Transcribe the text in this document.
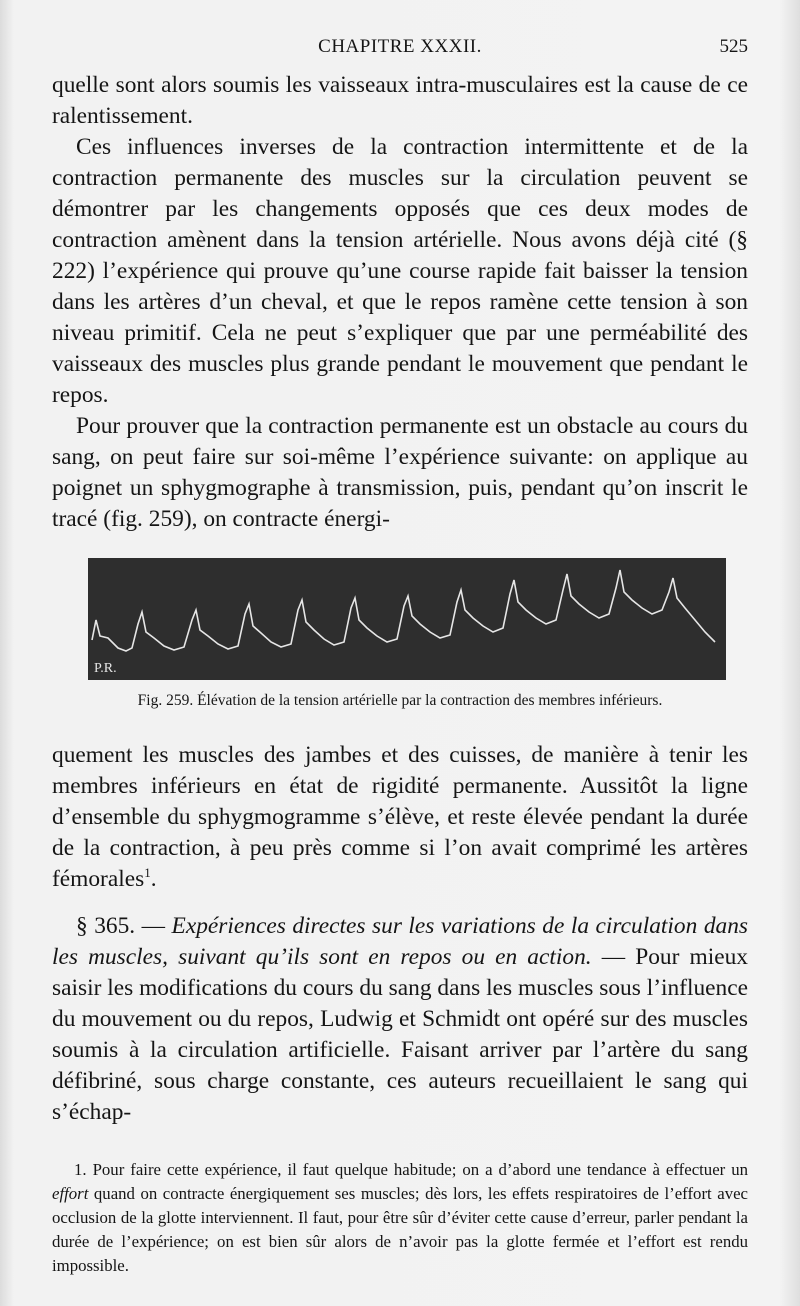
CHAPITRE XXXII.	525

quelle sont alors soumis les vaisseaux intra-musculaires est la cause de ce ralentissement.

Ces influences inverses de la contraction intermittente et de la contraction permanente des muscles sur la circulation peuvent se démontrer par les changements opposés que ces deux modes de contraction amènent dans la tension artérielle. Nous avons déjà cité (§ 222) l’expérience qui prouve qu’une course rapide fait baisser la tension dans les artères d’un cheval, et que le repos ramène cette tension à son niveau primitif. Cela ne peut s’expliquer que par une perméabilité des vaisseaux des muscles plus grande pendant le mouvement que pendant le repos.

Pour prouver que la contraction permanente est un obstacle au cours du sang, on peut faire sur soi-même l’expérience suivante: on applique au poignet un sphygmographe à transmission, puis, pendant qu’on inscrit le tracé (fig. 259), on contracte énergi-

P.R.
Fig. 259. Élévation de la tension artérielle par la contraction des membres inférieurs.

quement les muscles des jambes et des cuisses, de manière à tenir les membres inférieurs en état de rigidité permanente. Aussitôt la ligne d’ensemble du sphygmogramme s’élève, et reste élevée pendant la durée de la contraction, à peu près comme si l’on avait comprimé les artères fémorales$^1$.

§ 365. — Expériences directes sur les variations de la circulation dans les muscles, suivant qu’ils sont en repos ou en action. — Pour mieux saisir les modifications du cours du sang dans les muscles sous l’influence du mouvement ou du repos, Ludwig et Schmidt ont opéré sur des muscles soumis à la circulation artificielle. Faisant arriver par l’artère du sang défibriné, sous charge constante, ces auteurs recueillaient le sang qui s’échap-

1. Pour faire cette expérience, il faut quelque habitude; on a d’abord une tendance à effectuer un effort quand on contracte énergiquement ses muscles; dès lors, les effets respiratoires de l’effort avec occlusion de la glotte interviennent. Il faut, pour être sûr d’éviter cette cause d’erreur, parler pendant la durée de l’expérience; on est bien sûr alors de n’avoir pas la glotte fermée et l’effort est rendu impossible.
